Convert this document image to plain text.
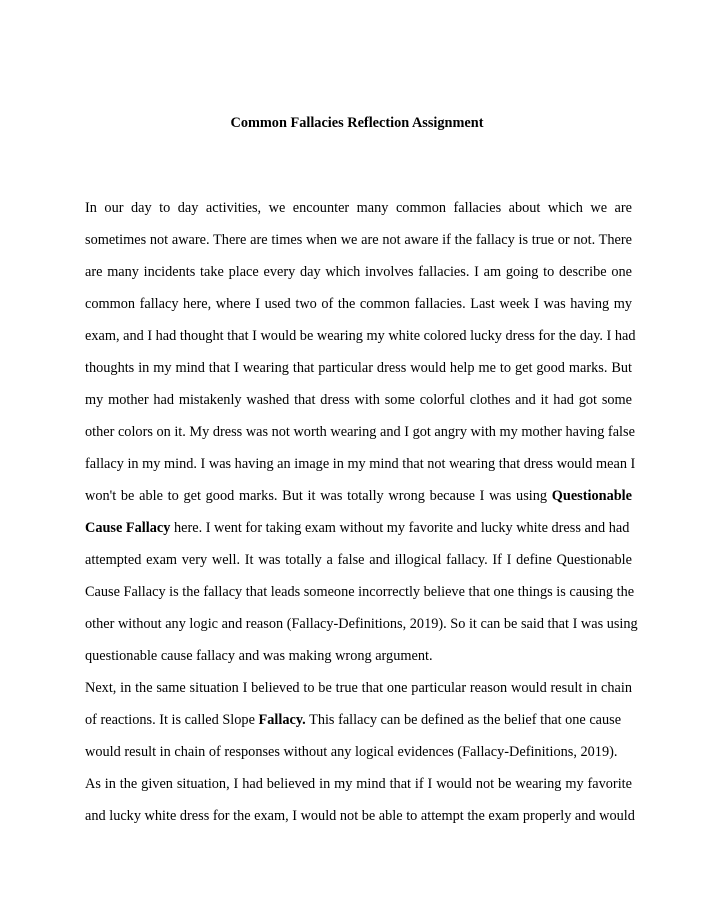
Common Fallacies Reflection Assignment
In our day to day activities, we encounter many common fallacies about which we are
sometimes not aware. There are times when we are not aware if the fallacy is true or not. There
are many incidents take place every day which involves fallacies. I am going to describe one
common fallacy here, where I used two of the common fallacies. Last week I was having my
exam, and I had thought that I would be wearing my white colored lucky dress for the day. I had
thoughts in my mind that I wearing that particular dress would help me to get good marks. But
my mother had mistakenly washed that dress with some colorful clothes and it had got some
other colors on it. My dress was not worth wearing and I got angry with my mother having false
fallacy in my mind. I was having an image in my mind that not wearing that dress would mean I
won't be able to get good marks. But it was totally wrong because I was using Questionable
Cause Fallacy here. I went for taking exam without my favorite and lucky white dress and had
attempted exam very well. It was totally a false and illogical fallacy. If I define Questionable
Cause Fallacy is the fallacy that leads someone incorrectly believe that one things is causing the
other without any logic and reason (Fallacy-Definitions, 2019). So it can be said that I was using
questionable cause fallacy and was making wrong argument.
Next, in the same situation I believed to be true that one particular reason would result in chain
of reactions. It is called Slope Fallacy. This fallacy can be defined as the belief that one cause
would result in chain of responses without any logical evidences (Fallacy-Definitions, 2019).
As in the given situation, I had believed in my mind that if I would not be wearing my favorite
and lucky white dress for the exam, I would not be able to attempt the exam properly and would
